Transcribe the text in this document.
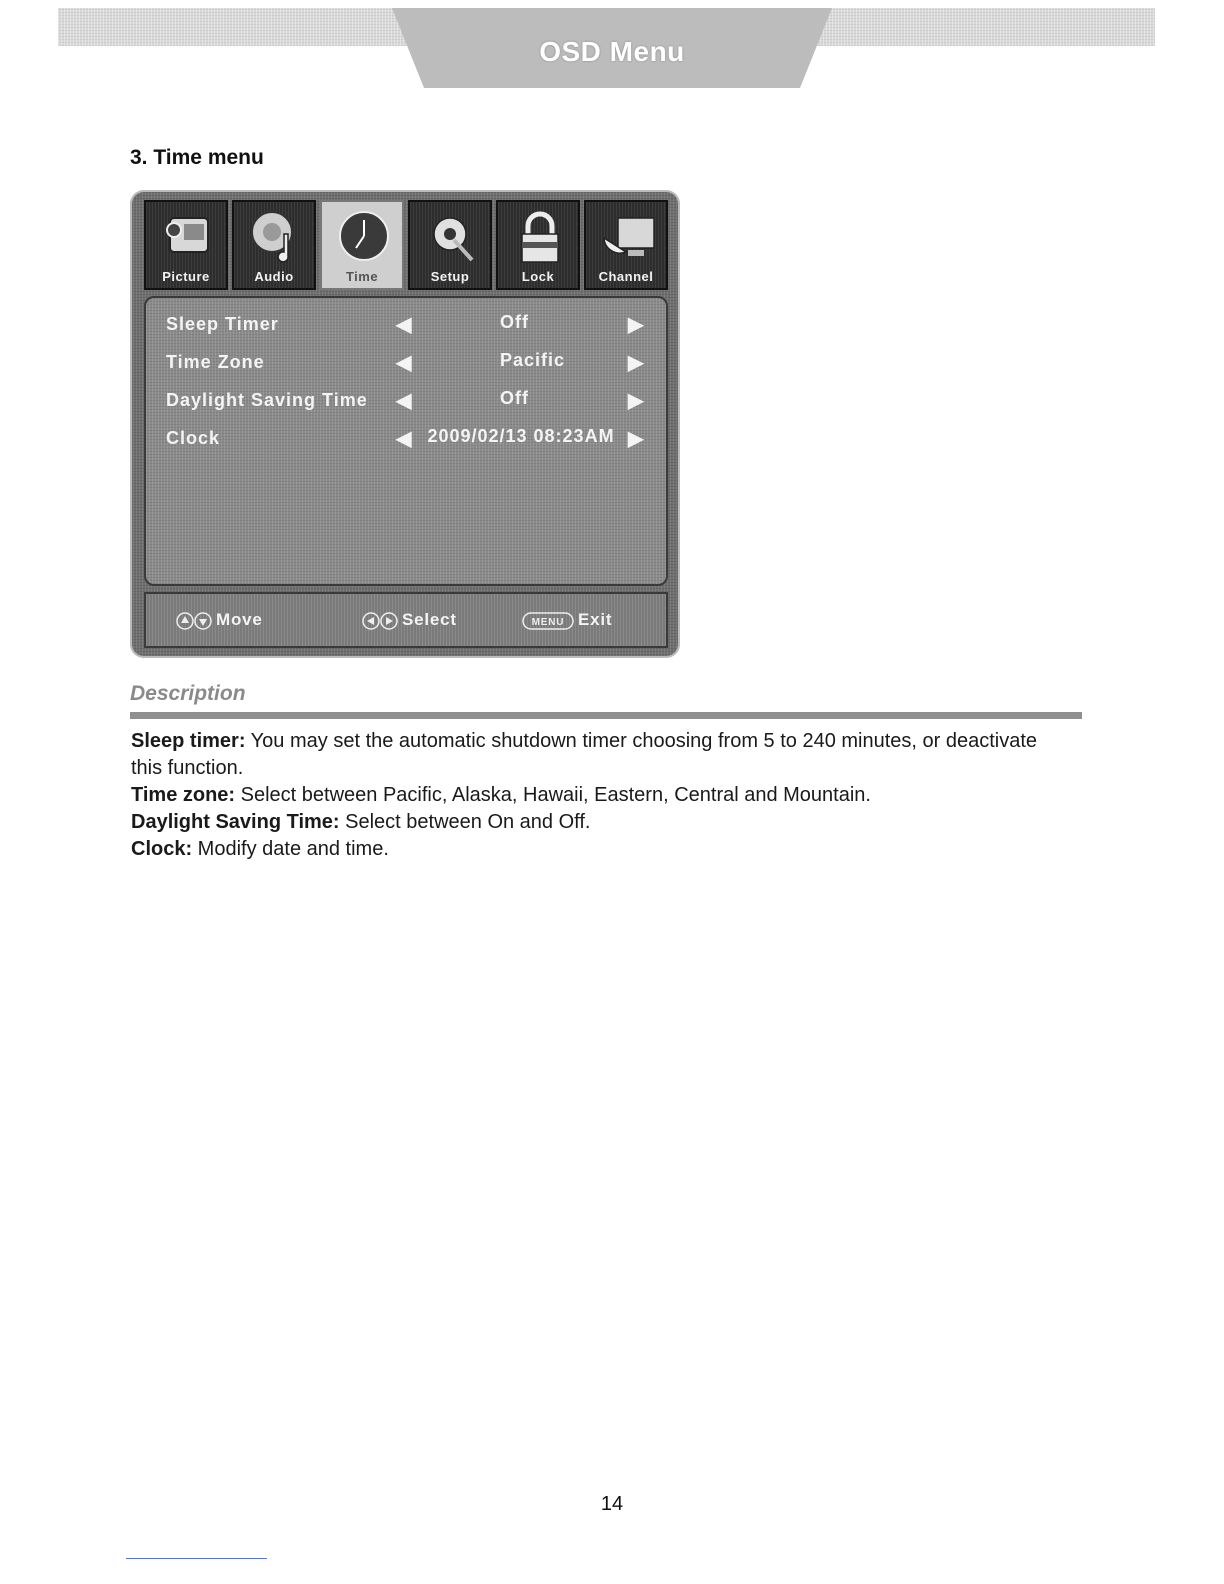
OSD Menu
3. Time menu
Picture	Audio	Time	Setup	Lock	Channel
Sleep Timer	◀	Off	▶
Time Zone	◀	Pacific	▶
Daylight Saving Time ◀	Off	▶
Clock	◀ 2009/02/13 08:23AM ▶
Move	Select	MENU Exit
Description

Sleep timer: You may set the automatic shutdown timer choosing from 5 to 240 minutes, or deactivate this function.

Time zone: Select between Pacific, Alaska, Hawaii, Eastern, Central and Mountain.

Daylight Saving Time: Select between On and Off.

Clock: Modify date and time.

14
